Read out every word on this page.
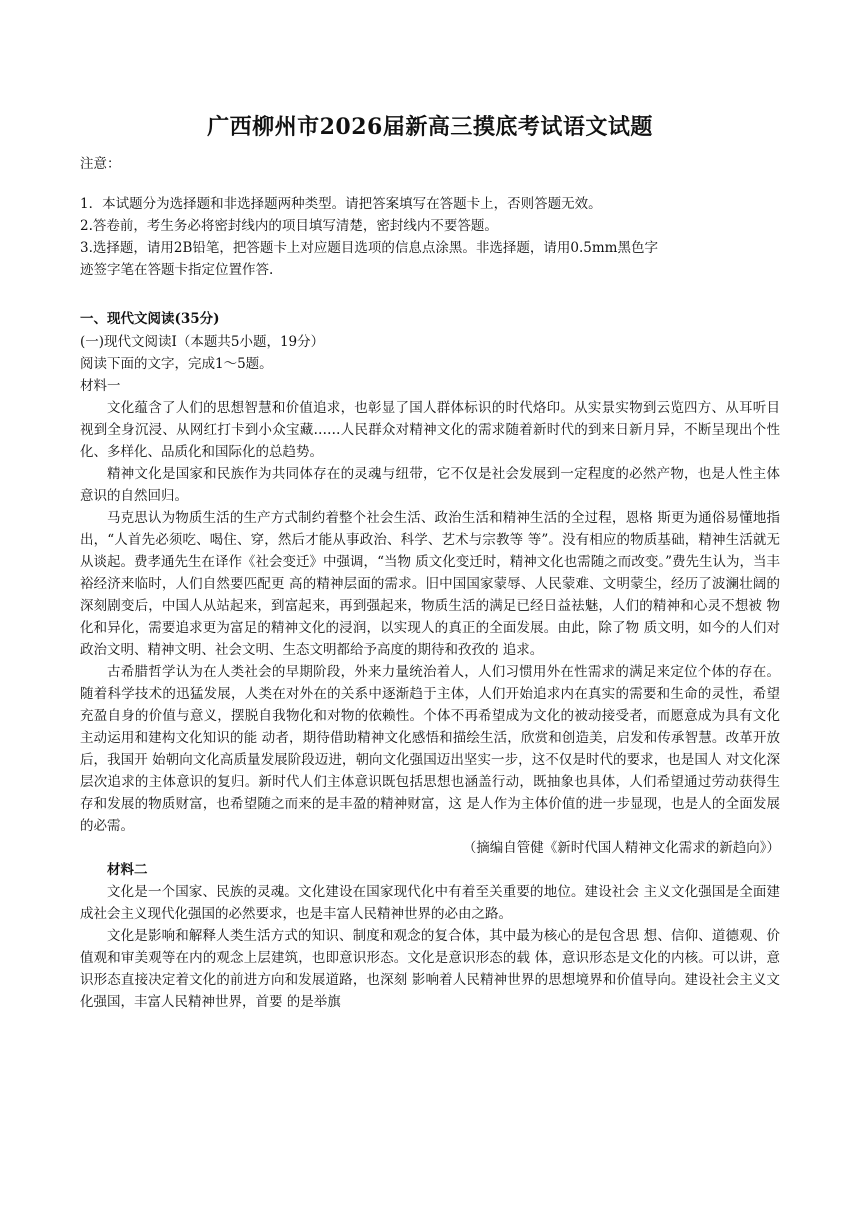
广西柳州市2026届新高三摸底考试语文试题
注意：
1．本试题分为选择题和非选择题两种类型。请把答案填写在答题卡上，否则答题无效。
2.答卷前，考生务必将密封线内的项目填写清楚，密封线内不要答题。
3.选择题，请用2B铅笔，把答题卡上对应题目选项的信息点涂黑。非选择题，请用0.5mm黑色字
迹签字笔在答题卡指定位置作答.
一、现代文阅读(35分)
(一)现代文阅读I（本题共5小题，19分）
阅读下面的文字，完成1～5题。
材料一
文化蕴含了人们的思想智慧和价值追求，也彰显了国人群体标识的时代烙印。从实景实物到云览四方、从耳听目视到全身沉浸、从网红打卡到小众宝藏……人民群众对精神文化的需求随着新时代的到来日新月异，不断呈现出个性化、多样化、品质化和国际化的总趋势。
精神文化是国家和民族作为共同体存在的灵魂与纽带，它不仅是社会发展到一定程度的必然产物，也是人性主体意识的自然回归。
马克思认为物质生活的生产方式制约着整个社会生活、政治生活和精神生活的全过程，恩格 斯更为通俗易懂地指出，“人首先必须吃、喝住、穿，然后才能从事政治、科学、艺术与宗教等 等”。没有相应的物质基础，精神生活就无从谈起。费孝通先生在译作《社会变迁》中强调，“当物 质文化变迁时，精神文化也需随之而改变。”费先生认为，当丰裕经济来临时，人们自然要匹配更 高的精神层面的需求。旧中国国家蒙辱、人民蒙难、文明蒙尘，经历了波澜壮阔的深刻剧变后，中国人从站起来，到富起来，再到强起来，物质生活的满足已经日益祛魅，人们的精神和心灵不想被 物化和异化，需要追求更为富足的精神文化的浸润，以实现人的真正的全面发展。由此，除了物 质文明，如今的人们对政治文明、精神文明、社会文明、生态文明都给予高度的期待和孜孜的 追求。
古希腊哲学认为在人类社会的早期阶段，外来力量统治着人，人们习惯用外在性需求的满足来定位个体的存在。随着科学技术的迅猛发展，人类在对外在的关系中逐渐趋于主体，人们开始追求内在真实的需要和生命的灵性，希望充盈自身的价值与意义，摆脱自我物化和对物的依赖性。个体不再希望成为文化的被动接受者，而愿意成为具有文化主动运用和建构文化知识的能 动者，期待借助精神文化感悟和描绘生活，欣赏和创造美，启发和传承智慧。改革开放后，我国开 始朝向文化高质量发展阶段迈进，朝向文化强国迈出坚实一步，这不仅是时代的要求，也是国人 对文化深层次追求的主体意识的复归。新时代人们主体意识既包括思想也涵盖行动，既抽象也具体，人们希望通过劳动获得生存和发展的物质财富，也希望随之而来的是丰盈的精神财富，这 是人作为主体价值的进一步显现，也是人的全面发展的必需。
（摘编自管健《新时代国人精神文化需求的新趋向》）
材料二
文化是一个国家、民族的灵魂。文化建设在国家现代化中有着至关重要的地位。建设社会 主义文化强国是全面建成社会主义现代化强国的必然要求，也是丰富人民精神世界的必由之路。
文化是影响和解释人类生活方式的知识、制度和观念的复合体，其中最为核心的是包含思 想、信仰、道德观、价值观和审美观等在内的观念上层建筑，也即意识形态。文化是意识形态的载 体，意识形态是文化的内核。可以讲，意识形态直接决定着文化的前进方向和发展道路，也深刻 影响着人民精神世界的思想境界和价值导向。建设社会主义文化强国，丰富人民精神世界，首要 的是举旗
